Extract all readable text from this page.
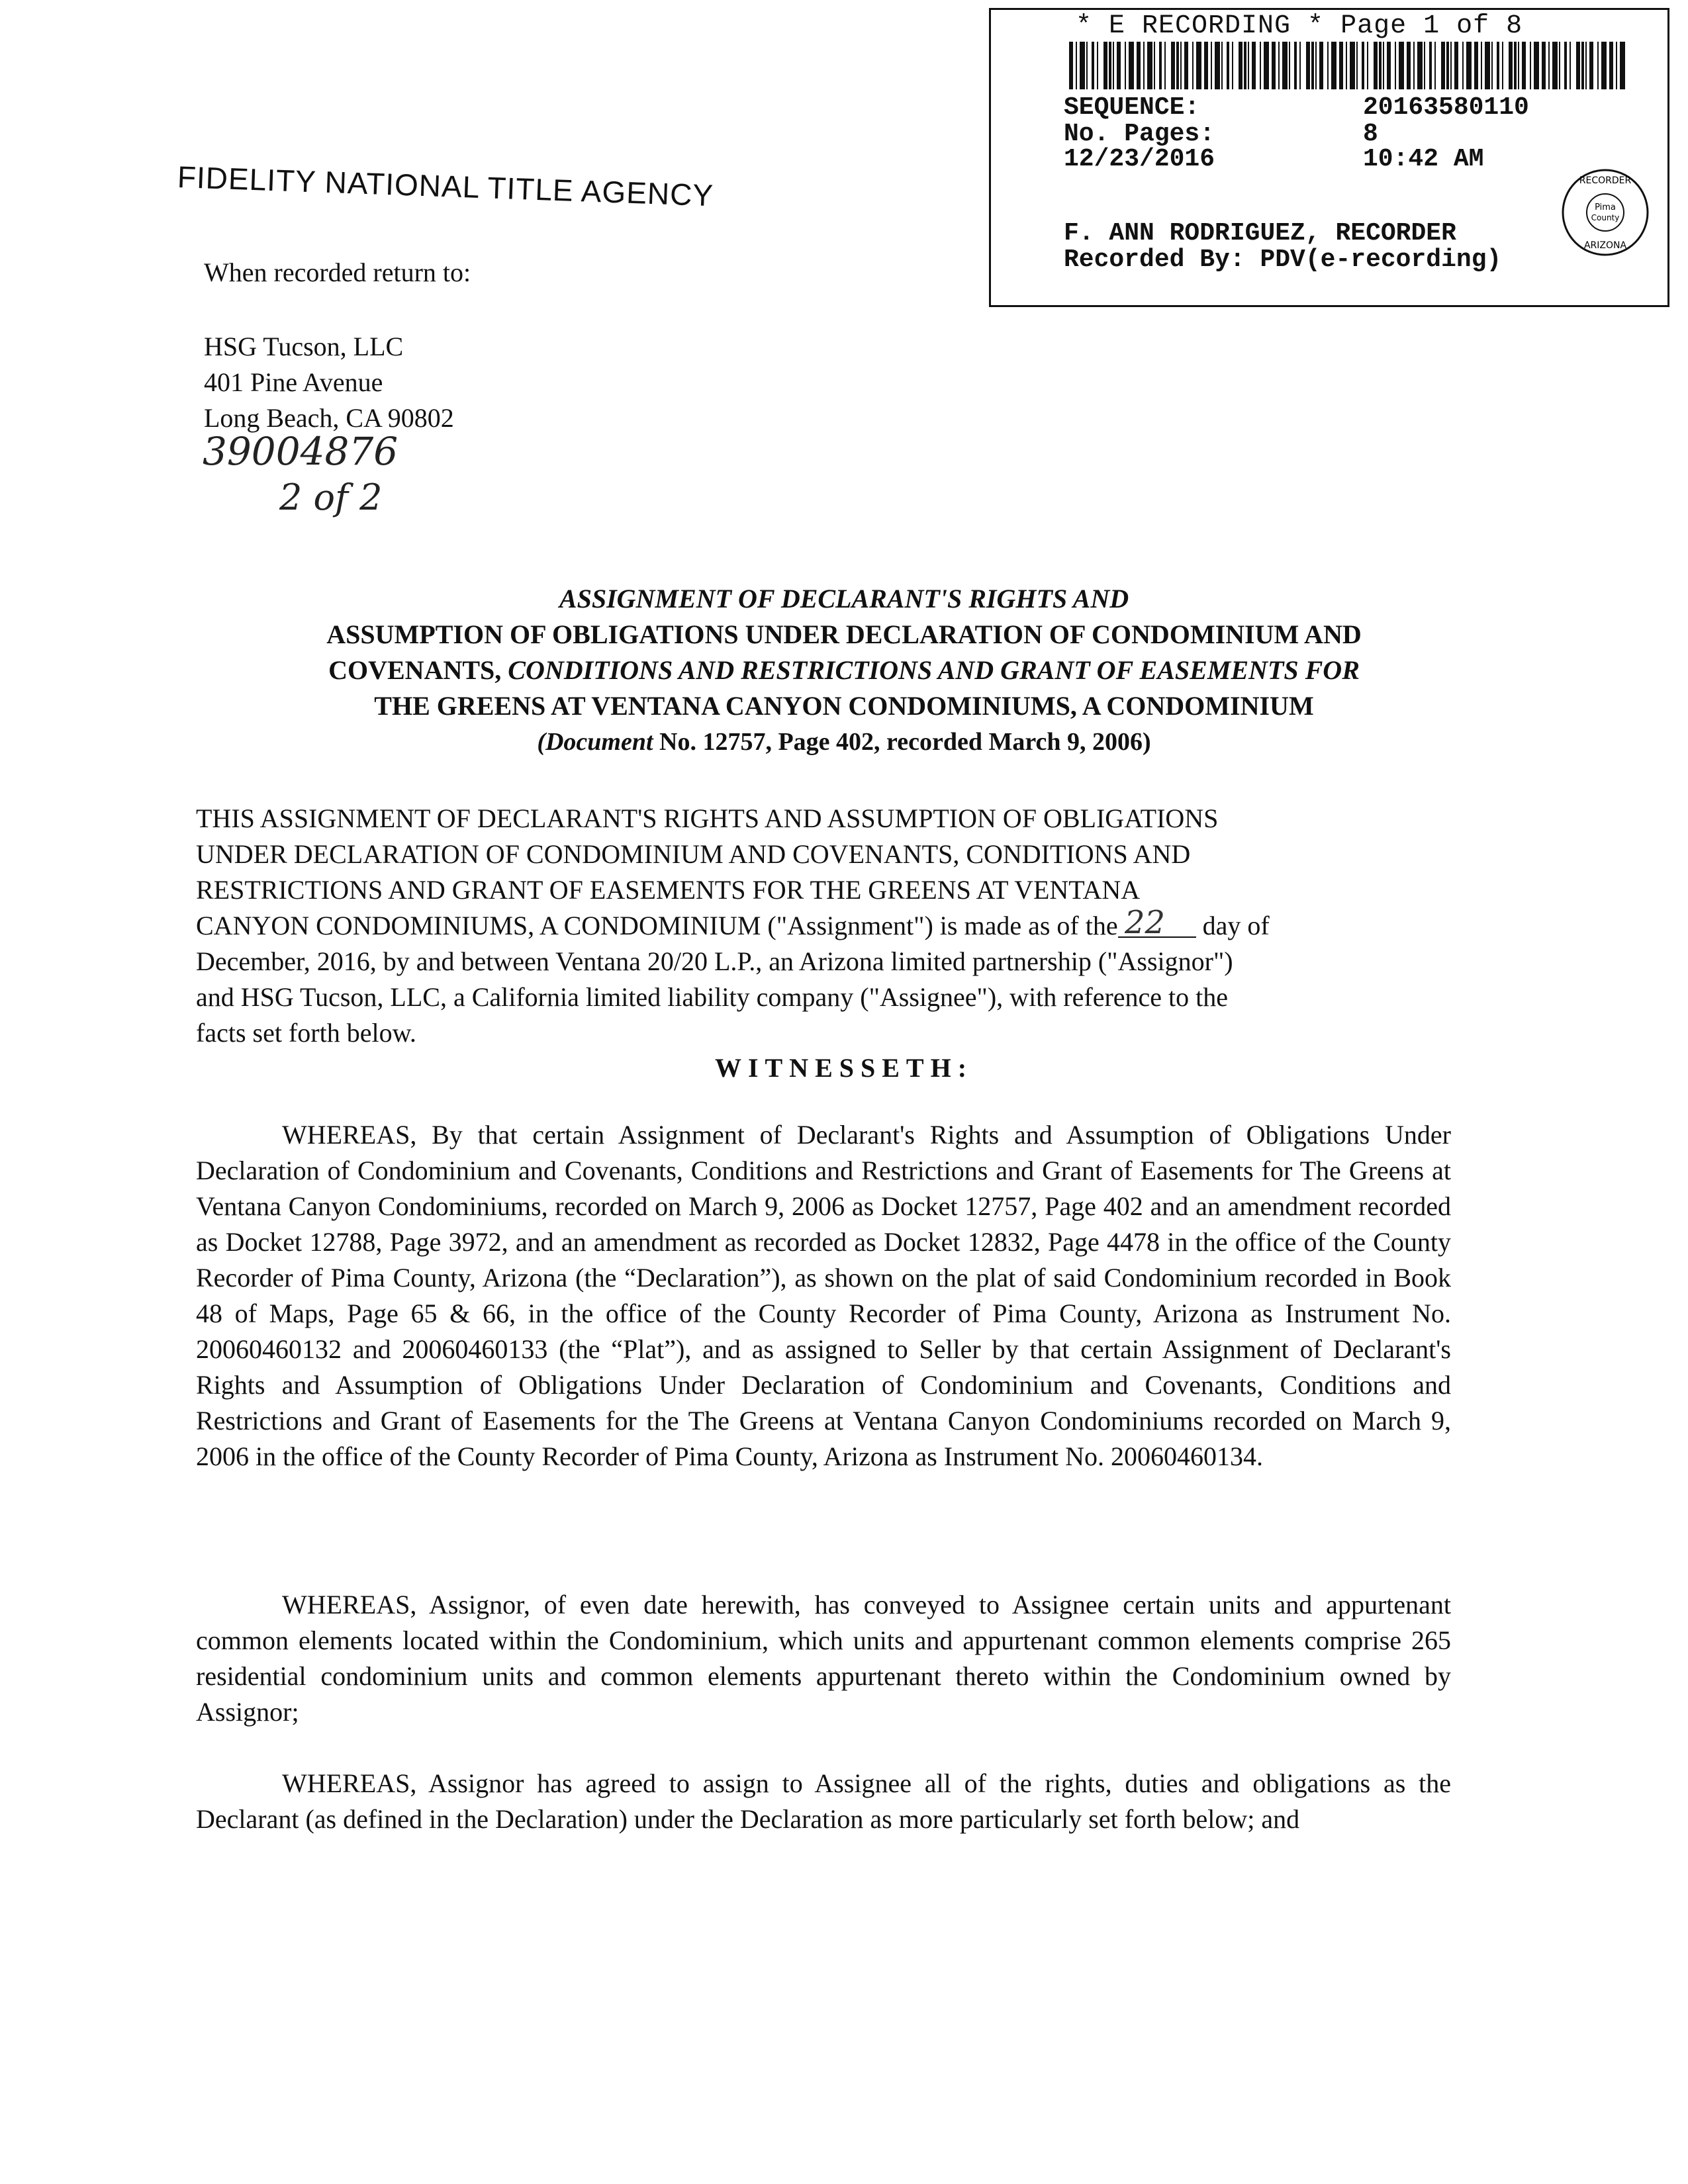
* E RECORDING * Page 1 of 8
SEQUENCE:	20163580110
No. Pages:	8
12/23/2016	10:42 AM
F. ANN RODRIGUEZ, RECORDER
Recorded By: PDV(e-recording)
Pima
County
RECORDER
ARIZONA
FIDELITY NATIONAL TITLE AGENCY
When recorded return to:
HSG Tucson, LLC
401 Pine Avenue
Long Beach, CA 90802
39004876
2 of 2
ASSIGNMENT OF DECLARANT'S RIGHTS AND
ASSUMPTION OF OBLIGATIONS UNDER DECLARATION OF CONDOMINIUM AND
COVENANTS, CONDITIONS AND RESTRICTIONS AND GRANT OF EASEMENTS FOR
THE GREENS AT VENTANA CANYON CONDOMINIUMS, A CONDOMINIUM
(Document No. 12757, Page 402, recorded March 9, 2006)
THIS ASSIGNMENT OF DECLARANT'S RIGHTS AND ASSUMPTION OF OBLIGATIONS
UNDER DECLARATION OF CONDOMINIUM AND COVENANTS, CONDITIONS AND
RESTRICTIONS AND GRANT OF EASEMENTS FOR THE GREENS AT VENTANA
CANYON CONDOMINIUMS, A CONDOMINIUM ("Assignment") is made as of the 22 day of
December, 2016, by and between Ventana 20/20 L.P., an Arizona limited partnership ("Assignor")
and HSG Tucson, LLC, a California limited liability company ("Assignee"), with reference to the
facts set forth below.
WITNESSETH:
WHEREAS, By that certain Assignment of Declarant's Rights and Assumption of Obligations Under Declaration of Condominium and Covenants, Conditions and Restrictions and Grant of Easements for The Greens at Ventana Canyon Condominiums, recorded on March 9, 2006 as Docket 12757, Page 402 and an amendment recorded as Docket 12788, Page 3972, and an amendment as recorded as Docket 12832, Page 4478 in the office of the County Recorder of Pima County, Arizona (the “Declaration”), as shown on the plat of said Condominium recorded in Book 48 of Maps, Page 65 & 66, in the office of the County Recorder of Pima County, Arizona as Instrument No. 20060460132 and 20060460133 (the “Plat”), and as assigned to Seller by that certain Assignment of Declarant's Rights and Assumption of Obligations Under Declaration of Condominium and Covenants, Conditions and Restrictions and Grant of Easements for the The Greens at Ventana Canyon Condominiums recorded on March 9, 2006 in the office of the County Recorder of Pima County, Arizona as Instrument No. 20060460134.
WHEREAS, Assignor, of even date herewith, has conveyed to Assignee certain units and appurtenant common elements located within the Condominium, which units and appurtenant common elements comprise 265 residential condominium units and common elements appurtenant thereto within the Condominium owned by Assignor;
WHEREAS, Assignor has agreed to assign to Assignee all of the rights, duties and obligations as the Declarant (as defined in the Declaration) under the Declaration as more particularly set forth below; and
